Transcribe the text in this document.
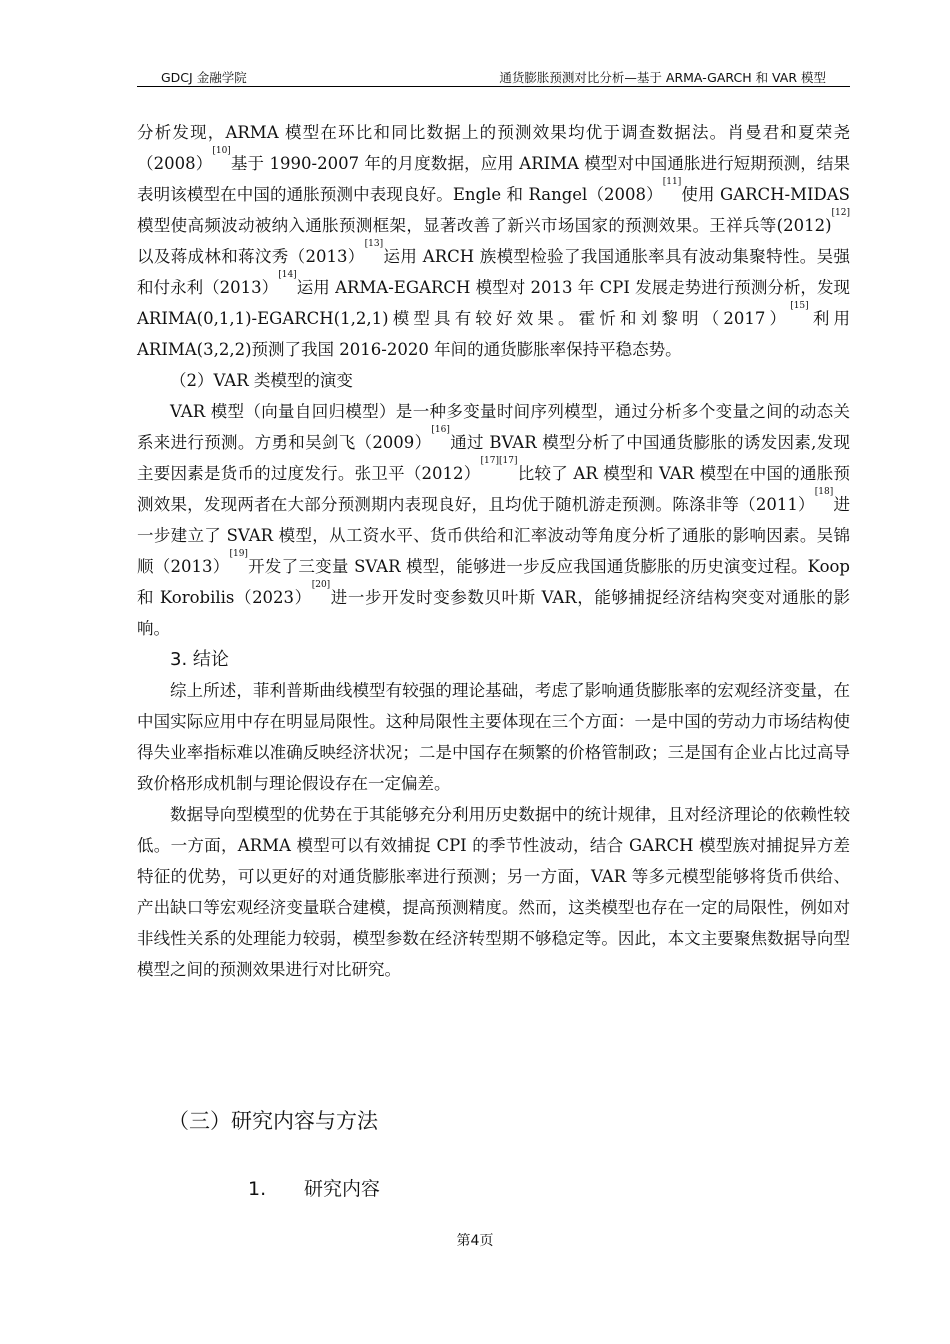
GDCJ 金融学院	通货膨胀预测对比分析—基于 ARMA-GARCH 和 VAR 模型

分析发现，ARMA 模型在环比和同比数据上的预测效果均优于调查数据法。肖曼君和夏荣尧（2008）[10]基于 1990-2007 年的月度数据，应用 ARIMA 模型对中国通胀进行短期预测，结果表明该模型在中国的通胀预测中表现良好。Engle 和 Rangel（2008）[11]使用 GARCH-MIDAS 模型使高频波动被纳入通胀预测框架，显著改善了新兴市场国家的预测效果。王祥兵等(2012)[12]以及蒋成林和蒋汶秀（2013）[13]运用 ARCH 族模型检验了我国通胀率具有波动集聚特性。吴强和付永利（2013）[14]运用 ARMA-EGARCH 模型对 2013 年 CPI 发展走势进行预测分析，发现 ARIMA(0,1,1)-EGARCH(1,2,1)模型具有较好效果。霍忻和刘黎明（2017）[15]利用 ARIMA(3,2,2)预测了我国 2016-2020 年间的通货膨胀率保持平稳态势。

（2）VAR 类模型的演变

VAR 模型（向量自回归模型）是一种多变量时间序列模型，通过分析多个变量之间的动态关系来进行预测。方勇和吴剑飞（2009）[16]通过 BVAR 模型分析了中国通货膨胀的诱发因素,发现主要因素是货币的过度发行。张卫平（2012）[17][17]比较了 AR 模型和 VAR 模型在中国的通胀预测效果，发现两者在大部分预测期内表现良好，且均优于随机游走预测。陈涤非等（2011）[18]进一步建立了 SVAR 模型，从工资水平、货币供给和汇率波动等角度分析了通胀的影响因素。吴锦顺（2013）[19]开发了三变量 SVAR 模型，能够进一步反应我国通货膨胀的历史演变过程。Koop 和 Korobilis（2023）[20]进一步开发时变参数贝叶斯 VAR，能够捕捉经济结构突变对通胀的影响。

3. 结论

综上所述，菲利普斯曲线模型有较强的理论基础，考虑了影响通货膨胀率的宏观经济变量，在中国实际应用中存在明显局限性。这种局限性主要体现在三个方面：一是中国的劳动力市场结构使得失业率指标难以准确反映经济状况；二是中国存在频繁的价格管制政；三是国有企业占比过高导致价格形成机制与理论假设存在一定偏差。

数据导向型模型的优势在于其能够充分利用历史数据中的统计规律，且对经济理论的依赖性较低。一方面，ARMA 模型可以有效捕捉 CPI 的季节性波动，结合 GARCH 模型族对捕捉异方差特征的优势，可以更好的对通货膨胀率进行预测；另一方面，VAR 等多元模型能够将货币供给、产出缺口等宏观经济变量联合建模，提高预测精度。然而，这类模型也存在一定的局限性，例如对非线性关系的处理能力较弱，模型参数在经济转型期不够稳定等。因此，本文主要聚焦数据导向型模型之间的预测效果进行对比研究。

（三）研究内容与方法
1. 研究内容
第4页
